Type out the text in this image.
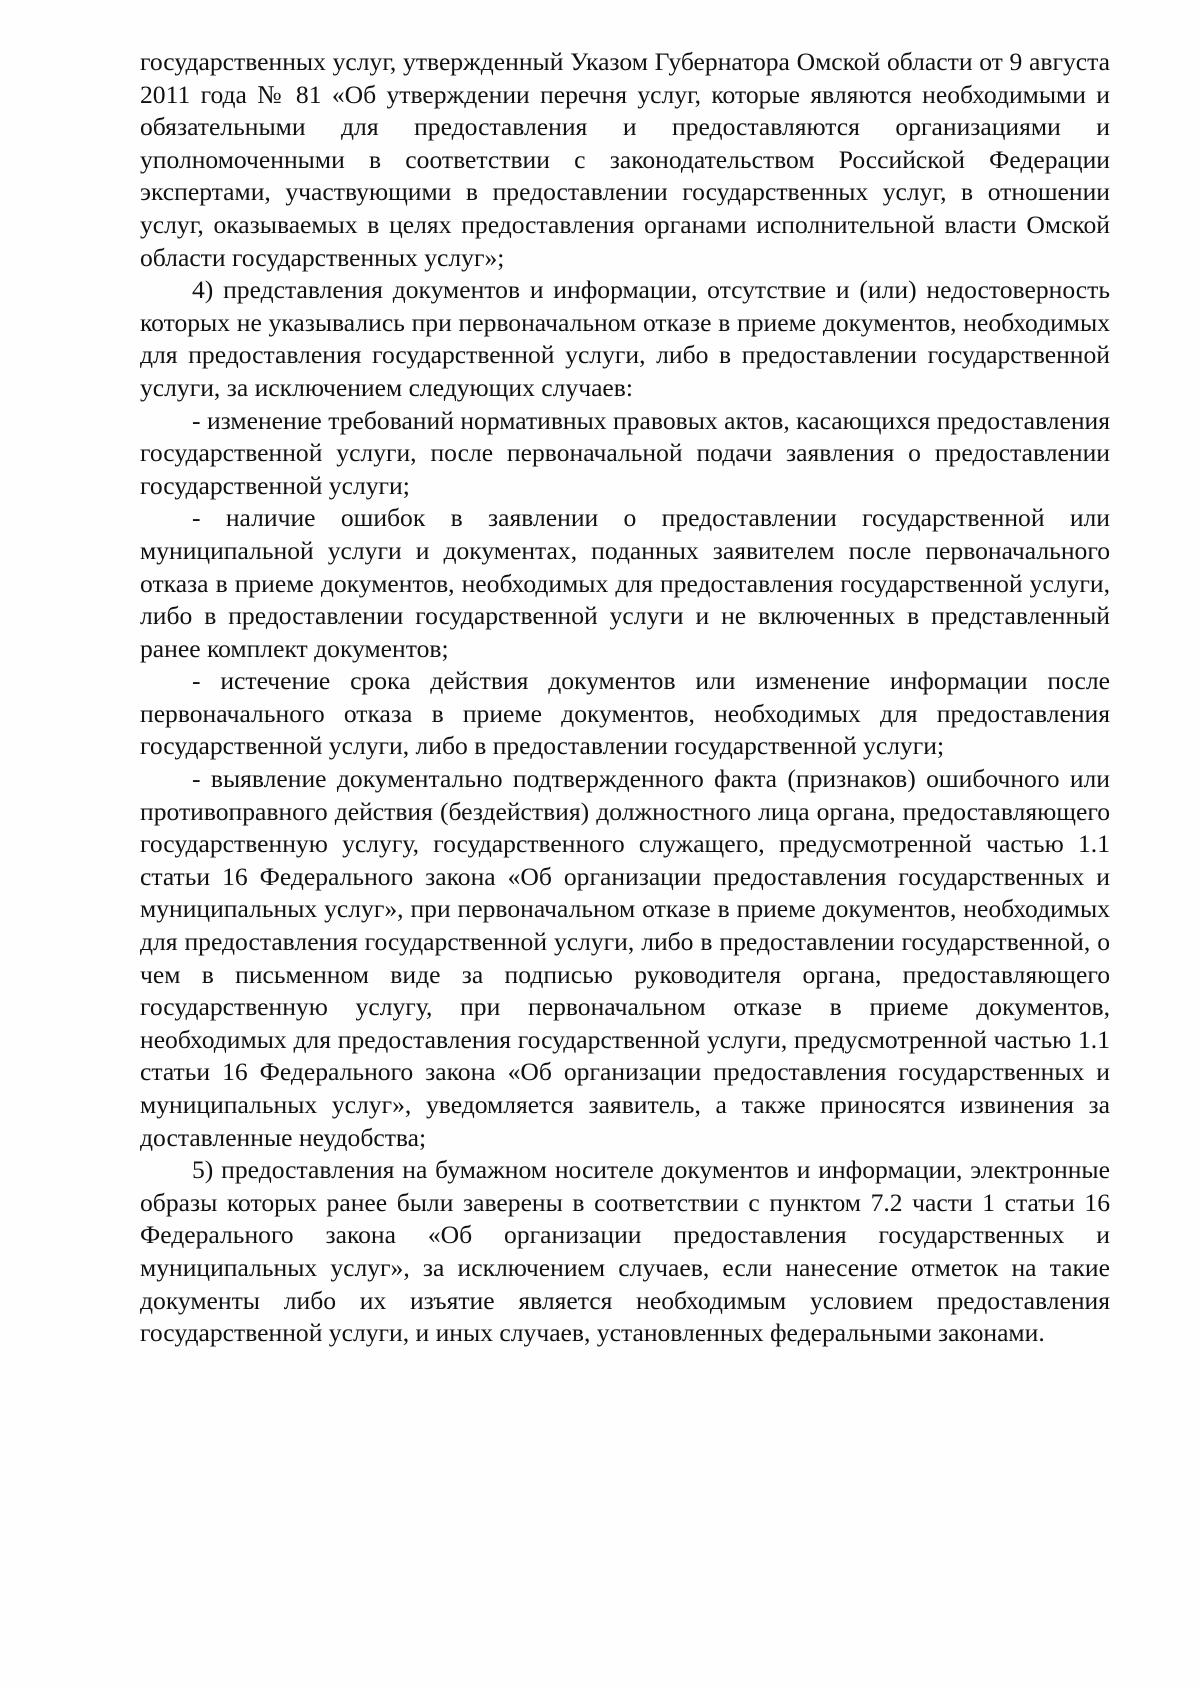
государственных услуг, утвержденный Указом Губернатора Омской области от 9 августа 2011 года № 81 «Об утверждении перечня услуг, которые являются необходимыми и обязательными для предоставления и предоставляются организациями и уполномоченными в соответствии с законодательством Российской Федерации экспертами, участвующими в предоставлении государственных услуг, в отношении услуг, оказываемых в целях предоставления органами исполнительной власти Омской области государственных услуг»;

4) представления документов и информации, отсутствие и (или) недостоверность которых не указывались при первоначальном отказе в приеме документов, необходимых для предоставления государственной услуги, либо в предоставлении государственной услуги, за исключением следующих случаев:

- изменение требований нормативных правовых актов, касающихся предоставления государственной услуги, после первоначальной подачи заявления о предоставлении государственной услуги;

- наличие ошибок в заявлении о предоставлении государственной или муниципальной услуги и документах, поданных заявителем после первоначального отказа в приеме документов, необходимых для предоставления государственной услуги, либо в предоставлении государственной услуги и не включенных в представленный ранее комплект документов;

- истечение срока действия документов или изменение информации после первоначального отказа в приеме документов, необходимых для предоставления государственной услуги, либо в предоставлении государственной услуги;

- выявление документально подтвержденного факта (признаков) ошибочного или противоправного действия (бездействия) должностного лица органа, предоставляющего государственную услугу, государственного служащего, предусмотренной частью 1.1 статьи 16 Федерального закона «Об организации предоставления государственных и муниципальных услуг», при первоначальном отказе в приеме документов, необходимых для предоставления государственной услуги, либо в предоставлении государственной, о чем в письменном виде за подписью руководителя органа, предоставляющего государственную услугу, при первоначальном отказе в приеме документов, необходимых для предоставления государственной услуги, предусмотренной частью 1.1 статьи 16 Федерального закона «Об организации предоставления государственных и муниципальных услуг», уведомляется заявитель, а также приносятся извинения за доставленные неудобства;

5) предоставления на бумажном носителе документов и информации, электронные образы которых ранее были заверены в соответствии с пунктом 7.2 части 1 статьи 16 Федерального закона «Об организации предоставления государственных и муниципальных услуг», за исключением случаев, если нанесение отметок на такие документы либо их изъятие является необходимым условием предоставления государственной услуги, и иных случаев, установленных федеральными законами.
